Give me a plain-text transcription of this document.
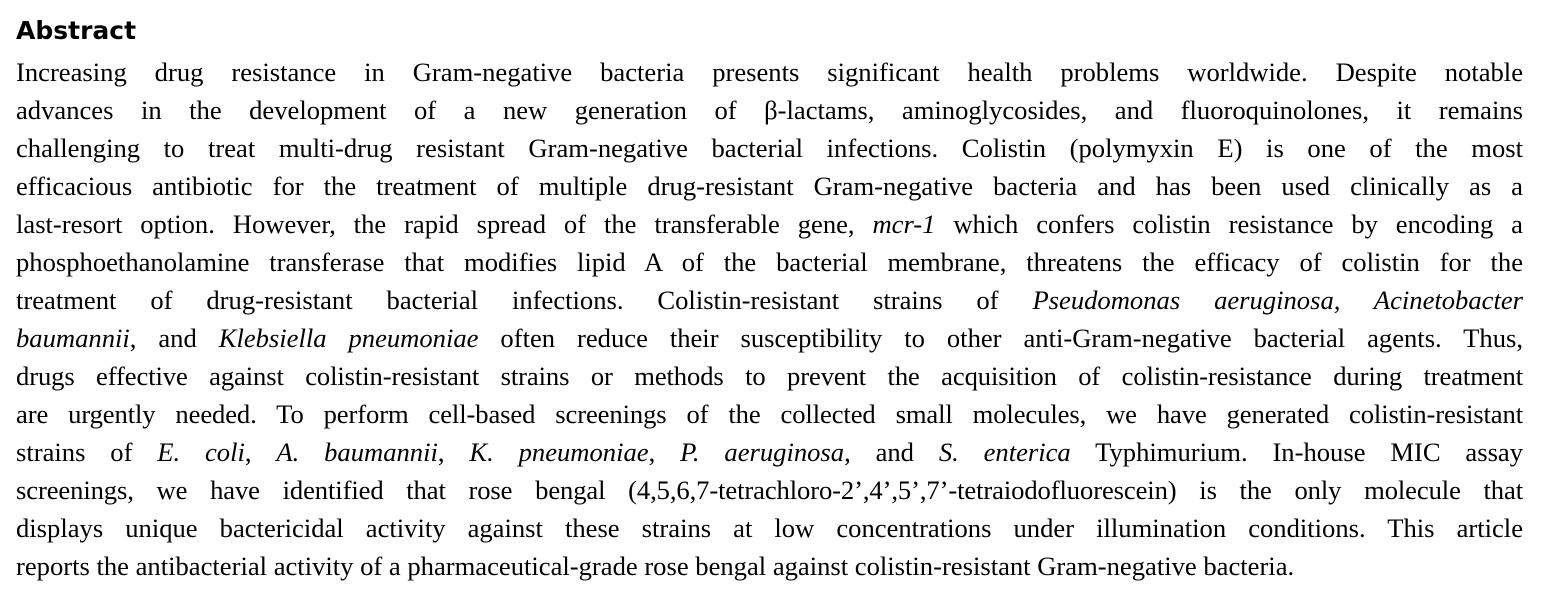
Abstract
Increasing drug resistance in Gram-negative bacteria presents significant health problems worldwide. Despite notable
advances in the development of a new generation of β-lactams, aminoglycosides, and fluoroquinolones, it remains
challenging to treat multi-drug resistant Gram-negative bacterial infections. Colistin (polymyxin E) is one of the most
efficacious antibiotic for the treatment of multiple drug-resistant Gram-negative bacteria and has been used clinically as a
last-resort option. However, the rapid spread of the transferable gene, mcr-1 which confers colistin resistance by encoding a
phosphoethanolamine transferase that modifies lipid A of the bacterial membrane, threatens the efficacy of colistin for the
treatment of drug-resistant bacterial infections. Colistin-resistant strains of Pseudomonas aeruginosa, Acinetobacter
baumannii, and Klebsiella pneumoniae often reduce their susceptibility to other anti-Gram-negative bacterial agents. Thus,
drugs effective against colistin-resistant strains or methods to prevent the acquisition of colistin-resistance during treatment
are urgently needed. To perform cell-based screenings of the collected small molecules, we have generated colistin-resistant
strains of E. coli, A. baumannii, K. pneumoniae, P. aeruginosa, and S. enterica Typhimurium. In-house MIC assay
screenings, we have identified that rose bengal (4,5,6,7-tetrachloro-2’,4’,5’,7’-tetraiodofluorescein) is the only molecule that
displays unique bactericidal activity against these strains at low concentrations under illumination conditions. This article
reports the antibacterial activity of a pharmaceutical-grade rose bengal against colistin-resistant Gram-negative bacteria.
